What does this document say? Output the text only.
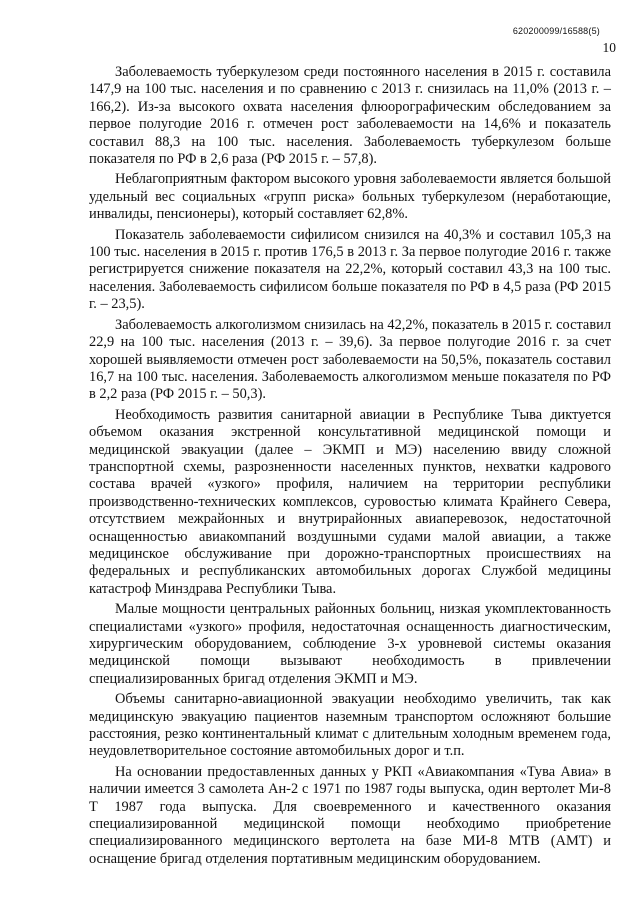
620200099/16588(5)
10

Заболеваемость туберкулезом среди постоянного населения в 2015 г. составила 147,9 на 100 тыс. населения и по сравнению с 2013 г. снизилась на 11,0% (2013 г. – 166,2). Из-за высокого охвата населения флюорографическим обследованием за первое полугодие 2016 г. отмечен рост заболеваемости на 14,6% и показатель составил 88,3 на 100 тыс. населения. Заболеваемость туберкулезом больше показателя по РФ в 2,6 раза (РФ 2015 г. – 57,8).

Неблагоприятным фактором высокого уровня заболеваемости является большой удельный вес социальных «групп риска» больных туберкулезом (неработающие, инвалиды, пенсионеры), который составляет 62,8%.

Показатель заболеваемости сифилисом снизился на 40,3% и составил 105,3 на 100 тыс. населения в 2015 г. против 176,5 в 2013 г. За первое полугодие 2016 г. также регистрируется снижение показателя на 22,2%, который составил 43,3 на 100 тыс. населения. Заболеваемость сифилисом больше показателя по РФ в 4,5 раза (РФ 2015 г. – 23,5).

Заболеваемость алкоголизмом снизилась на 42,2%, показатель в 2015 г. составил 22,9 на 100 тыс. населения (2013 г. – 39,6). За первое полугодие 2016 г. за счет хорошей выявляемости отмечен рост заболеваемости на 50,5%, показатель составил 16,7 на 100 тыс. населения. Заболеваемость алкоголизмом меньше показателя по РФ в 2,2 раза (РФ 2015 г. – 50,3).

Необходимость развития санитарной авиации в Республике Тыва диктуется объемом оказания экстренной консультативной медицинской помощи и медицинской эвакуации (далее – ЭКМП и МЭ) населению ввиду сложной транспортной схемы, разрозненности населенных пунктов, нехватки кадрового состава врачей «узкого» профиля, наличием на территории республики производственно-технических комплексов, суровостью климата Крайнего Севера, отсутствием межрайонных и внутрирайонных авиаперевозок, недостаточной оснащенностью авиакомпаний воздушными судами малой авиации, а также медицинское обслуживание при дорожно-транспортных происшествиях на федеральных и республиканских автомобильных дорогах Службой медицины катастроф Минздрава Республики Тыва.

Малые мощности центральных районных больниц, низкая укомплектованность специалистами «узкого» профиля, недостаточная оснащенность диагностическим, хирургическим оборудованием, соблюдение 3-х уровневой системы оказания медицинской помощи вызывают необходимость в привлечении специализированных бригад отделения ЭКМП и МЭ.

Объемы санитарно-авиационной эвакуации необходимо увеличить, так как медицинскую эвакуацию пациентов наземным транспортом осложняют большие расстояния, резко континентальный климат с длительным холодным временем года, неудовлетворительное состояние автомобильных дорог и т.п.

На основании предоставленных данных у РКП «Авиакомпания «Тува Авиа» в наличии имеется 3 самолета Ан-2 с 1971 по 1987 годы выпуска, один вертолет Ми-8 Т 1987 года выпуска. Для своевременного и качественного оказания специализированной медицинской помощи необходимо приобретение специализированного медицинского вертолета на базе МИ-8 МТВ (АМТ) и оснащение бригад отделения портативным медицинским оборудованием.
